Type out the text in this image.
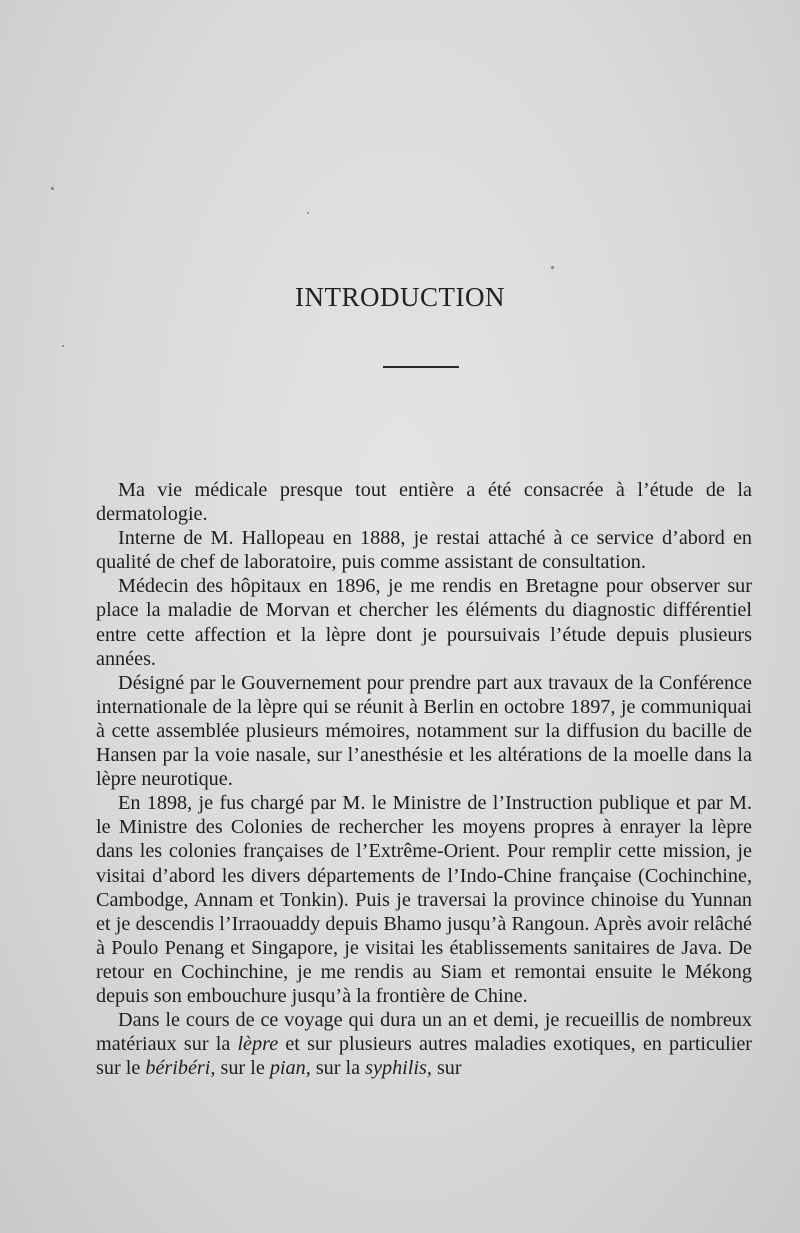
INTRODUCTION

Ma vie médicale presque tout entière a été consacrée à l’étude de la dermatologie.

Interne de M. Hallopeau en 1888, je restai attaché à ce service d’abord en qualité de chef de laboratoire, puis comme assistant de consultation.

Médecin des hôpitaux en 1896, je me rendis en Bretagne pour observer sur place la maladie de Morvan et chercher les éléments du diagnostic différentiel entre cette affection et la lèpre dont je poursuivais l’étude depuis plusieurs années.

Désigné par le Gouvernement pour prendre part aux travaux de la Conférence internationale de la lèpre qui se réunit à Berlin en octobre 1897, je communiquai à cette assemblée plusieurs mémoires, notamment sur la diffusion du bacille de Hansen par la voie nasale, sur l’anesthésie et les altérations de la moelle dans la lèpre neurotique.

En 1898, je fus chargé par M. le Ministre de l’Instruction publique et par M. le Ministre des Colonies de rechercher les moyens propres à enrayer la lèpre dans les colonies françaises de l’Extrême-Orient. Pour remplir cette mission, je visitai d’abord les divers départements de l’Indo-Chine française (Cochinchine, Cambodge, Annam et Tonkin). Puis je traversai la province chinoise du Yunnan et je descendis l’Irraouaddy depuis Bhamo jusqu’à Rangoun. Après avoir relâché à Poulo Penang et Singapore, je visitai les établissements sanitaires de Java. De retour en Cochinchine, je me rendis au Siam et remontai ensuite le Mékong depuis son embouchure jusqu’à la frontière de Chine.

Dans le cours de ce voyage qui dura un an et demi, je recueillis de nombreux matériaux sur la lèpre et sur plusieurs autres maladies exotiques, en particulier sur le béribéri, sur le pian, sur la syphilis, sur
